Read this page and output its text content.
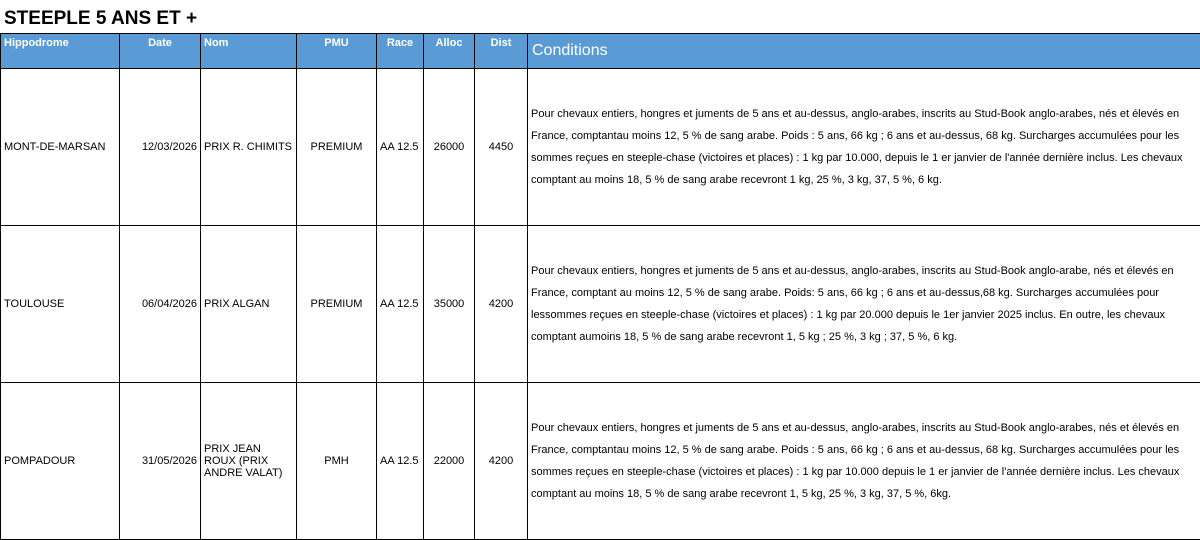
STEEPLE 5 ANS ET +
Hippodrome	Date	Nom	PMU	Race	Alloc	Dist	Conditions
MONT-DE-MARSAN	12/03/2026	PRIX R. CHIMITS	PREMIUM	AA 12.5	26000	4450	Pour chevaux entiers, hongres et juments de 5 ans et au-dessus, anglo-arabes, inscrits au Stud-Book anglo-arabes, nés et élevés en France, comptantau moins 12, 5 % de sang arabe. Poids : 5 ans, 66 kg ; 6 ans et au-dessus, 68 kg. Surcharges accumulées pour les sommes reçues en steeple-chase (victoires et places) : 1 kg par 10.000, depuis le 1 er janvier de l'année dernière inclus. Les chevaux comptant au moins 18, 5 % de sang arabe recevront 1 kg, 25 %, 3 kg, 37, 5 %, 6 kg.
TOULOUSE	06/04/2026	PRIX ALGAN	PREMIUM	AA 12.5	35000	4200	Pour chevaux entiers, hongres et juments de 5 ans et au-dessus, anglo-arabes, inscrits au Stud-Book anglo-arabe, nés et élevés en France, comptant au moins 12, 5 % de sang arabe. Poids: 5 ans, 66 kg ; 6 ans et au-dessus,68 kg. Surcharges accumulées pour lessommes reçues en steeple-chase (victoires et places) : 1 kg par 20.000 depuis le 1er janvier 2025 inclus. En outre, les chevaux comptant aumoins 18, 5 % de sang arabe recevront 1, 5 kg ; 25 %, 3 kg ; 37, 5 %, 6 kg.
POMPADOUR	31/05/2026	PRIX JEAN ROUX (PRIX ANDRE VALAT)	PMH	AA 12.5	22000	4200	Pour chevaux entiers, hongres et juments de 5 ans et au-dessus, anglo-arabes, inscrits au Stud-Book anglo-arabes, nés et élevés en France, comptantau moins 12, 5 % de sang arabe. Poids : 5 ans, 66 kg ; 6 ans et au-dessus, 68 kg. Surcharges accumulées pour les sommes reçues en steeple-chase (victoires et places) : 1 kg par 10.000 depuis le 1 er janvier de l'année dernière inclus. Les chevaux comptant au moins 18, 5 % de sang arabe recevront 1, 5 kg, 25 %, 3 kg, 37, 5 %, 6kg.
